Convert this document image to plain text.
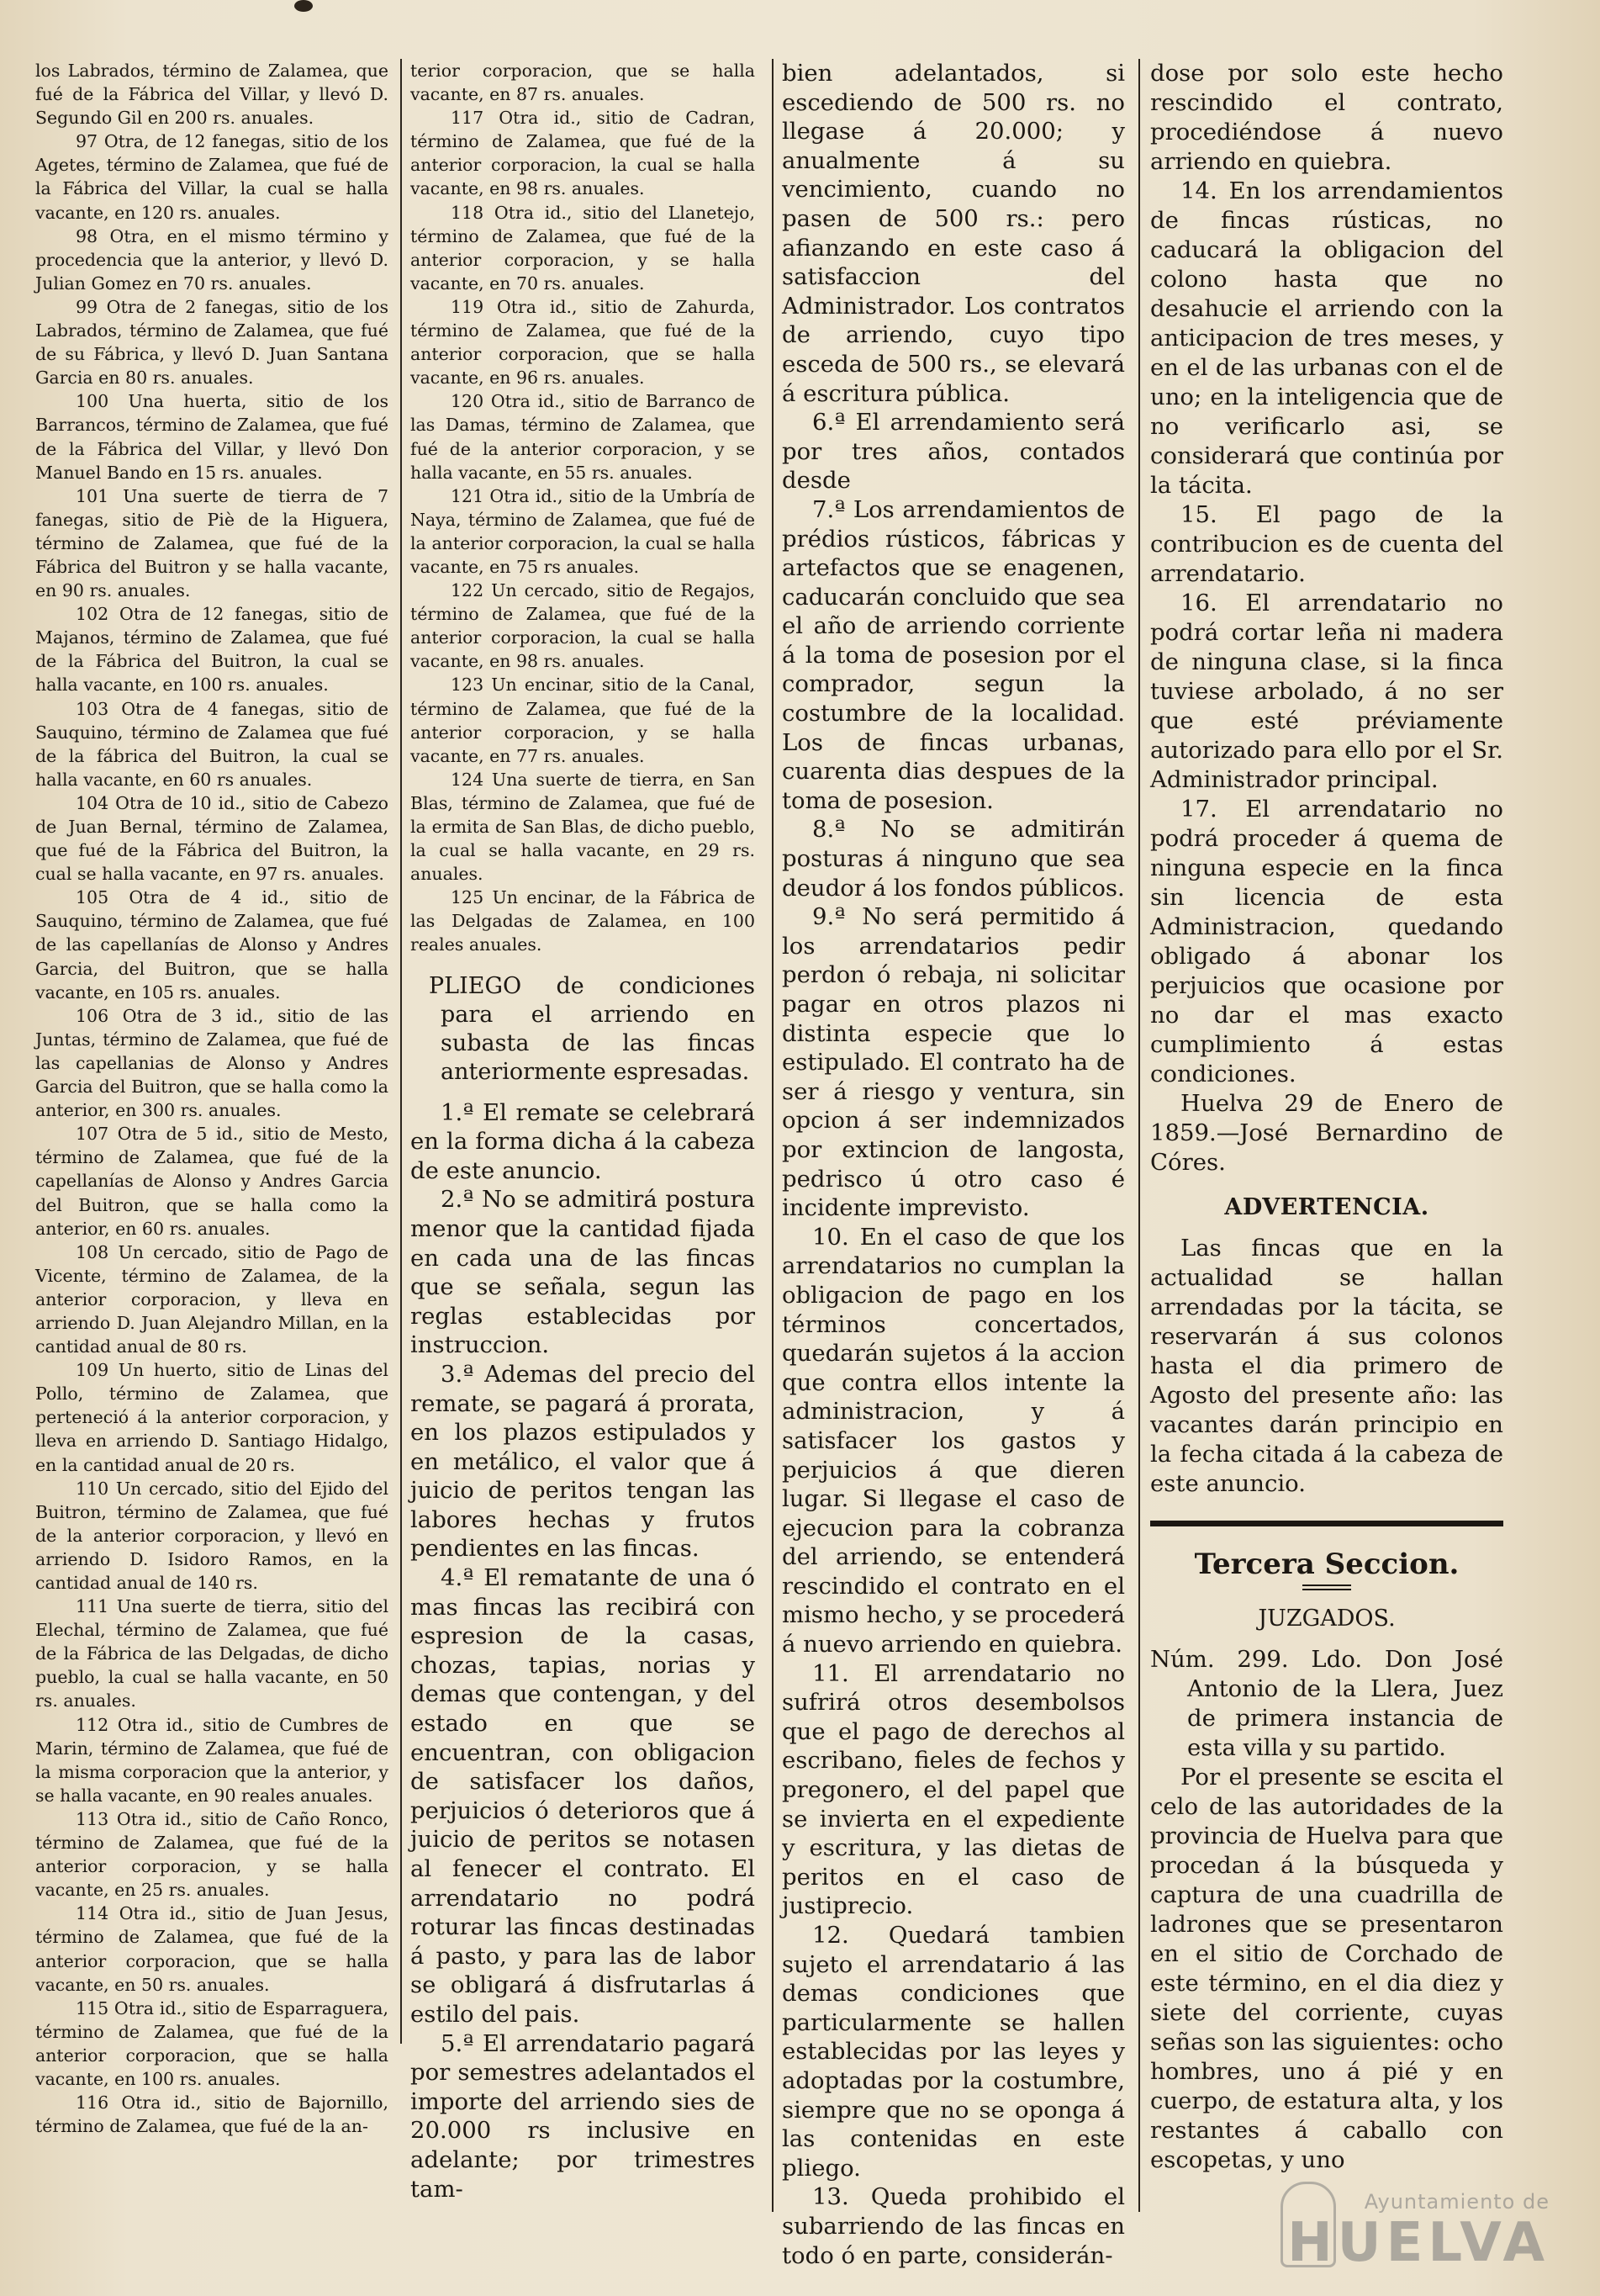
los Labrados, término de Zalamea, que fué de la Fábrica del Villar, y llevó D. Segundo Gil en 200 rs. anuales.

97 Otra, de 12 fanegas, sitio de los Agetes, término de Zalamea, que fué de la Fábrica del Villar, la cual se halla vacante, en 120 rs. anuales.

98 Otra, en el mismo término y procedencia que la anterior, y llevó D. Julian Gomez en 70 rs. anuales.

99 Otra de 2 fanegas, sitio de los Labrados, término de Zalamea, que fué de su Fábrica, y llevó D. Juan Santana Garcia en 80 rs. anuales.

100 Una huerta, sitio de los Barrancos, término de Zalamea, que fué de la Fábrica del Villar, y llevó Don Manuel Bando en 15 rs. anuales.

101 Una suerte de tierra de 7 fanegas, sitio de Piè de la Higuera, término de Zalamea, que fué de la Fábrica del Buitron y se halla vacante, en 90 rs. anuales.

102 Otra de 12 fanegas, sitio de Majanos, término de Zalamea, que fué de la Fábrica del Buitron, la cual se halla vacante, en 100 rs. anuales.

103 Otra de 4 fanegas, sitio de Sauquino, término de Zalamea que fué de la fábrica del Buitron, la cual se halla vacante, en 60 rs anuales.

104 Otra de 10 id., sitio de Cabezo de Juan Bernal, término de Zalamea, que fué de la Fábrica del Buitron, la cual se halla vacante, en 97 rs. anuales.

105 Otra de 4 id., sitio de Sauquino, término de Zalamea, que fué de las capellanías de Alonso y Andres Garcia, del Buitron, que se halla vacante, en 105 rs. anuales.

106 Otra de 3 id., sitio de las Juntas, término de Zalamea, que fué de las capellanias de Alonso y Andres Garcia del Buitron, que se halla como la anterior, en 300 rs. anuales.

107 Otra de 5 id., sitio de Mesto, término de Zalamea, que fué de la capellanías de Alonso y Andres Garcia del Buitron, que se halla como la anterior, en 60 rs. anuales.

108 Un cercado, sitio de Pago de Vicente, término de Zalamea, de la anterior corporacion, y lleva en arriendo D. Juan Alejandro Millan, en la cantidad anual de 80 rs.

109 Un huerto, sitio de Linas del Pollo, término de Zalamea, que perteneció á la anterior corporacion, y lleva en arriendo D. Santiago Hidalgo, en la cantidad anual de 20 rs.

110 Un cercado, sitio del Ejido del Buitron, término de Zalamea, que fué de la anterior corporacion, y llevó en arriendo D. Isidoro Ramos, en la cantidad anual de 140 rs.

111 Una suerte de tierra, sitio del Elechal, término de Zalamea, que fué de la Fábrica de las Delgadas, de dicho pueblo, la cual se halla vacante, en 50 rs. anuales.

112 Otra id., sitio de Cumbres de Marin, término de Zalamea, que fué de la misma corporacion que la anterior, y se halla vacante, en 90 reales anuales.

113 Otra id., sitio de Caño Ronco, término de Zalamea, que fué de la anterior corporacion, y se halla vacante, en 25 rs. anuales.

114 Otra id., sitio de Juan Jesus, término de Zalamea, que fué de la anterior corporacion, que se halla vacante, en 50 rs. anuales.

115 Otra id., sitio de Esparraguera, término de Zalamea, que fué de la anterior corporacion, que se halla vacante, en 100 rs. anuales.

116 Otra id., sitio de Bajornillo, término de Zalamea, que fué de la an-

terior corporacion, que se halla vacante, en 87 rs. anuales.

117 Otra id., sitio de Cadran, término de Zalamea, que fué de la anterior corporacion, la cual se halla vacante, en 98 rs. anuales.

118 Otra id., sitio del Llanetejo, término de Zalamea, que fué de la anterior corporacion, y se halla vacante, en 70 rs. anuales.

119 Otra id., sitio de Zahurda, término de Zalamea, que fué de la anterior corporacion, que se halla vacante, en 96 rs. anuales.

120 Otra id., sitio de Barranco de las Damas, término de Zalamea, que fué de la anterior corporacion, y se halla vacante, en 55 rs. anuales.

121 Otra id., sitio de la Umbría de Naya, término de Zalamea, que fué de la anterior corporacion, la cual se halla vacante, en 75 rs anuales.

122 Un cercado, sitio de Regajos, término de Zalamea, que fué de la anterior corporacion, la cual se halla vacante, en 98 rs. anuales.

123 Un encinar, sitio de la Canal, término de Zalamea, que fué de la anterior corporacion, y se halla vacante, en 77 rs. anuales.

124 Una suerte de tierra, en San Blas, término de Zalamea, que fué de la ermita de San Blas, de dicho pueblo, la cual se halla vacante, en 29 rs. anuales.

125 Un encinar, de la Fábrica de las Delgadas de Zalamea, en 100 reales anuales.

PLIEGO de condiciones para el arriendo en subasta de las fincas anteriormente espresadas.

1.ª El remate se celebrará en la forma dicha á la cabeza de este anuncio.

2.ª No se admitirá postura menor que la cantidad fijada en cada una de las fincas que se señala, segun las reglas establecidas por instruccion.

3.ª Ademas del precio del remate, se pagará á prorata, en los plazos estipulados y en metálico, el valor que á juicio de peritos tengan las labores hechas y frutos pendientes en las fincas.

4.ª El rematante de una ó mas fincas las recibirá con espresion de la casas, chozas, tapias, norias y demas que contengan, y del estado en que se encuentran, con obligacion de satisfacer los daños, perjuicios ó deterioros que á juicio de peritos se notasen al fenecer el contrato. El arrendatario no podrá roturar las fincas destinadas á pasto, y para las de labor se obligará á disfrutarlas á estilo del pais.

5.ª El arrendatario pagará por semestres adelantados el importe del arriendo sies de 20.000 rs inclusive en adelante; por trimestres tam-

bien adelantados, si escediendo de 500 rs. no llegase á 20.000; y anualmente á su vencimiento, cuando no pasen de 500 rs.: pero afianzando en este caso á satisfaccion del Administrador. Los contratos de arriendo, cuyo tipo esceda de 500 rs., se elevará á escritura pública.

6.ª El arrendamiento será por tres años, contados desde

7.ª Los arrendamientos de prédios rústicos, fábricas y artefactos que se enagenen, caducarán concluido que sea el año de arriendo corriente á la toma de posesion por el comprador, segun la costumbre de la localidad. Los de fincas urbanas, cuarenta dias despues de la toma de posesion.

8.ª No se admitirán posturas á ninguno que sea deudor á los fondos públicos.

9.ª No será permitido á los arrendatarios pedir perdon ó rebaja, ni solicitar pagar en otros plazos ni distinta especie que lo estipulado. El contrato ha de ser á riesgo y ventura, sin opcion á ser indemnizados por extincion de langosta, pedrisco ú otro caso é incidente imprevisto.

10. En el caso de que los arrendatarios no cumplan la obligacion de pago en los términos concertados, quedarán sujetos á la accion que contra ellos intente la administracion, y á satisfacer los gastos y perjuicios á que dieren lugar. Si llegase el caso de ejecucion para la cobranza del arriendo, se entenderá rescindido el contrato en el mismo hecho, y se procederá á nuevo arriendo en quiebra.

11. El arrendatario no sufrirá otros desembolsos que el pago de derechos al escribano, fieles de fechos y pregonero, el del papel que se invierta en el expediente y escritura, y las dietas de peritos en el caso de justiprecio.

12. Quedará tambien sujeto el arrendatario á las demas condiciones que particularmente se hallen establecidas por las leyes y adoptadas por la costumbre, siempre que no se oponga á las contenidas en este pliego.

13. Queda prohibido el subarriendo de las fincas en todo ó en parte, considerán-

dose por solo este hecho rescindido el contrato, procediéndose á nuevo arriendo en quiebra.

14. En los arrendamientos de fincas rústicas, no caducará la obligacion del colono hasta que no desahucie el arriendo con la anticipacion de tres meses, y en el de las urbanas con el de uno; en la inteligencia que de no verificarlo asi, se considerará que continúa por la tácita.

15. El pago de la contribucion es de cuenta del arrendatario.

16. El arrendatario no podrá cortar leña ni madera de ninguna clase, si la finca tuviese arbolado, á no ser que esté préviamente autorizado para ello por el Sr. Administrador principal.

17. El arrendatario no podrá proceder á quema de ninguna especie en la finca sin licencia de esta Administracion, quedando obligado á abonar los perjuicios que ocasione por no dar el mas exacto cumplimiento á estas condiciones.

Huelva 29 de Enero de 1859.—José Bernardino de Córes.

ADVERTENCIA.

Las fincas que en la actualidad se hallan arrendadas por la tácita, se reservarán á sus colonos hasta el dia primero de Agosto del presente año: las vacantes darán principio en la fecha citada á la cabeza de este anuncio.

Tercera Seccion.
JUZGADOS.

Núm. 299. Ldo. Don José Antonio de la Llera, Juez de primera instancia de esta villa y su partido.

Por el presente se escita el celo de las autoridades de la provincia de Huelva para que procedan á la búsqueda y captura de una cuadrilla de ladrones que se presentaron en el sitio de Corchado de este término, en el dia diez y siete del corriente, cuyas señas son las siguientes: ocho hombres, uno á pié y en cuerpo, de estatura alta, y los restantes á caballo con escopetas, y uno

Ayuntamiento de
HUELVA
